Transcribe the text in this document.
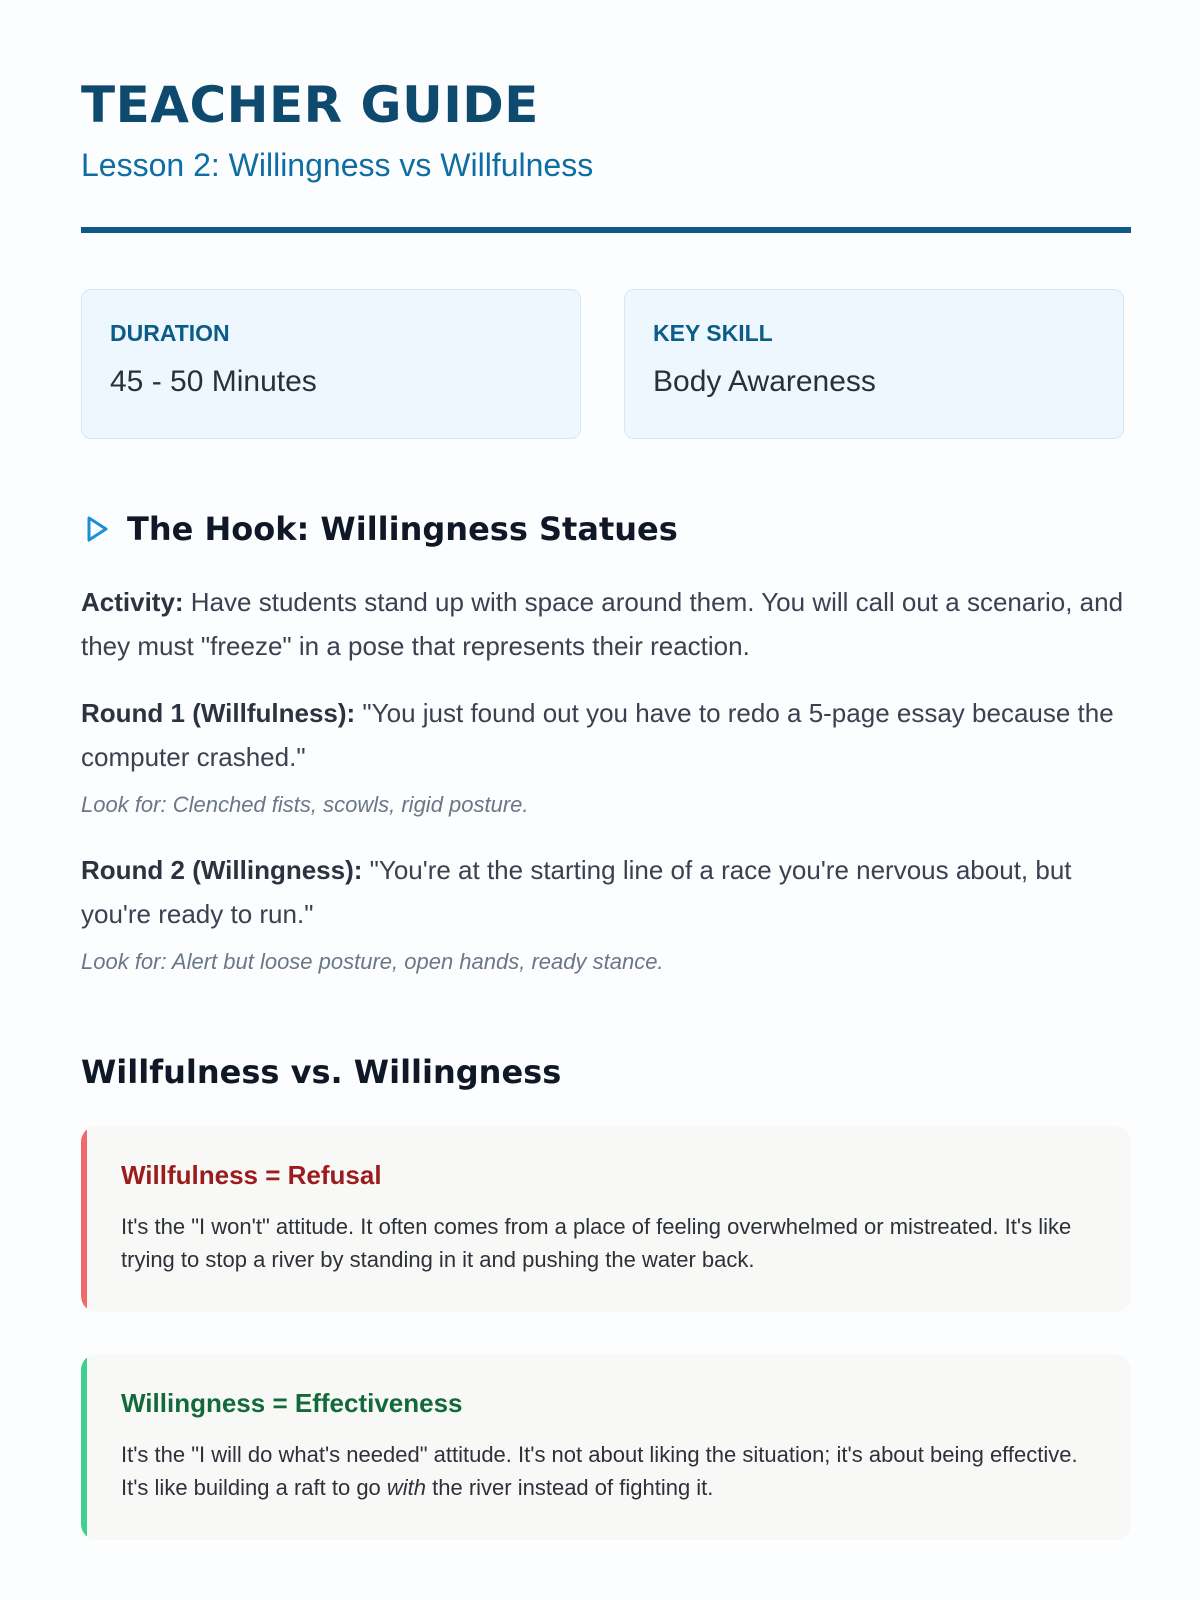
TEACHER GUIDE
Lesson 2: Willingness vs Willfulness
DURATION
45 - 50 Minutes
KEY SKILL
Body Awareness
The Hook: Willingness Statues
Activity: Have students stand up with space around them. You will call out a scenario, and they must "freeze" in a pose that represents their reaction.
Round 1 (Willfulness): "You just found out you have to redo a 5-page essay because the computer crashed."
Look for: Clenched fists, scowls, rigid posture.
Round 2 (Willingness): "You're at the starting line of a race you're nervous about, but you're ready to run."
Look for: Alert but loose posture, open hands, ready stance.
Willfulness vs. Willingness
Willfulness = Refusal
It's the "I won't" attitude. It often comes from a place of feeling overwhelmed or mistreated. It's like trying to stop a river by standing in it and pushing the water back.
Willingness = Effectiveness
It's the "I will do what's needed" attitude. It's not about liking the situation; it's about being effective. It's like building a raft to go with the river instead of fighting it.
